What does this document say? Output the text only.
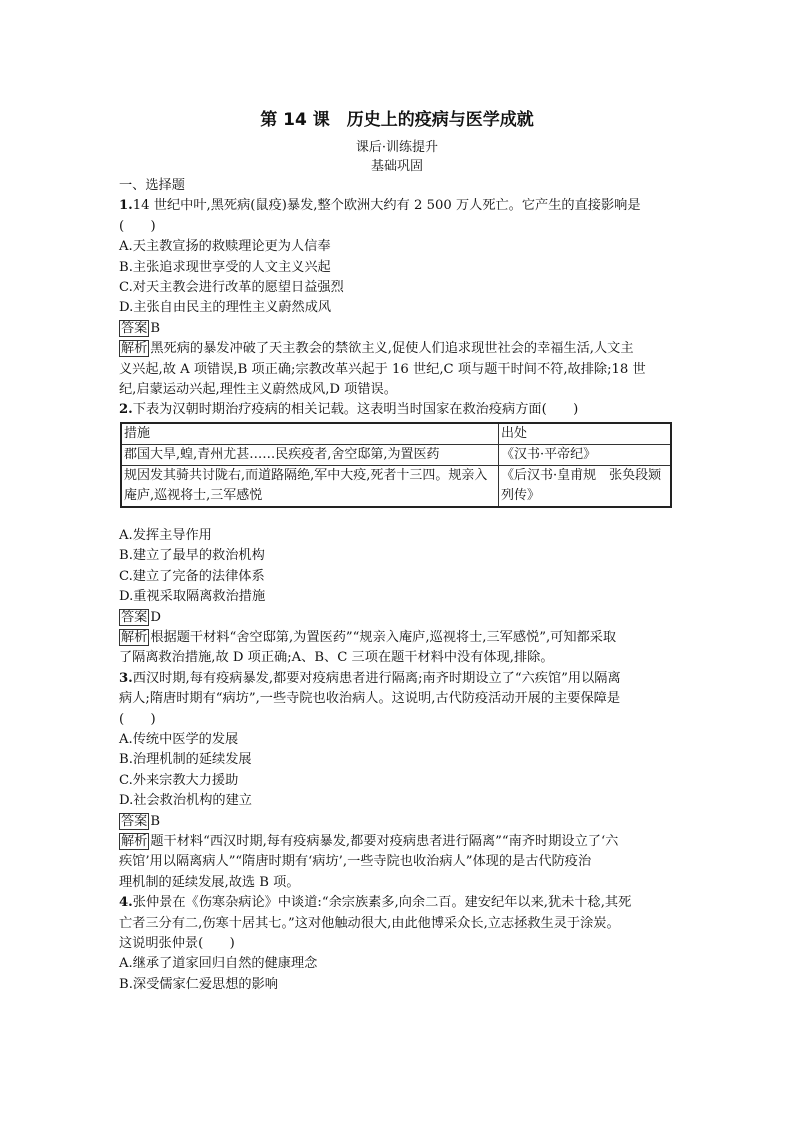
第 14 课　历史上的疫病与医学成就
课后·训练提升
基础巩固
一、选择题
1.14 世纪中叶,黑死病(鼠疫)暴发,整个欧洲大约有 2 500 万人死亡。它产生的直接影响是
(　　)
A.天主教宣扬的救赎理论更为人信奉
B.主张追求现世享受的人文主义兴起
C.对天主教会进行改革的愿望日益强烈
D.主张自由民主的理性主义蔚然成风
答案 B
解析 黑死病的暴发冲破了天主教会的禁欲主义,促使人们追求现世社会的幸福生活,人文主
义兴起,故 A 项错误,B 项正确;宗教改革兴起于 16 世纪,C 项与题干时间不符,故排除;18 世
纪,启蒙运动兴起,理性主义蔚然成风,D 项错误。
2.下表为汉朝时期治疗疫病的相关记载。这表明当时国家在救治疫病方面(　　)
措施	出处
郡国大旱,蝗,青州尤甚……民疾疫者,舍空邸第,为置医药	《汉书·平帝纪》
规因发其骑共讨陇右,而道路隔绝,军中大疫,死者十三四。规亲入庵庐,巡视将士,三军感悦	《后汉书·皇甫规　张奂段颎列传》
A.发挥主导作用
B.建立了最早的救治机构
C.建立了完备的法律体系
D.重视采取隔离救治措施
答案 D
解析 根据题干材料“舍空邸第,为置医药”“规亲入庵庐,巡视将士,三军感悦”,可知都采取
了隔离救治措施,故 D 项正确;A、B、C 三项在题干材料中没有体现,排除。
3.西汉时期,每有疫病暴发,都要对疫病患者进行隔离;南齐时期设立了“六疾馆”用以隔离
病人;隋唐时期有“病坊”,一些寺院也收治病人。这说明,古代防疫活动开展的主要保障是
(　　)
A.传统中医学的发展
B.治理机制的延续发展
C.外来宗教大力援助
D.社会救治机构的建立
答案 B
解析 题干材料“西汉时期,每有疫病暴发,都要对疫病患者进行隔离”“南齐时期设立了‘六
疾馆’用以隔离病人”“隋唐时期有‘病坊’,一些寺院也收治病人”体现的是古代防疫治
理机制的延续发展,故选 B 项。
4.张仲景在《伤寒杂病论》中谈道:“余宗族素多,向余二百。建安纪年以来,犹未十稔,其死
亡者三分有二,伤寒十居其七。”这对他触动很大,由此他博采众长,立志拯救生灵于涂炭。
这说明张仲景(　　)
A.继承了道家回归自然的健康理念
B.深受儒家仁爱思想的影响
